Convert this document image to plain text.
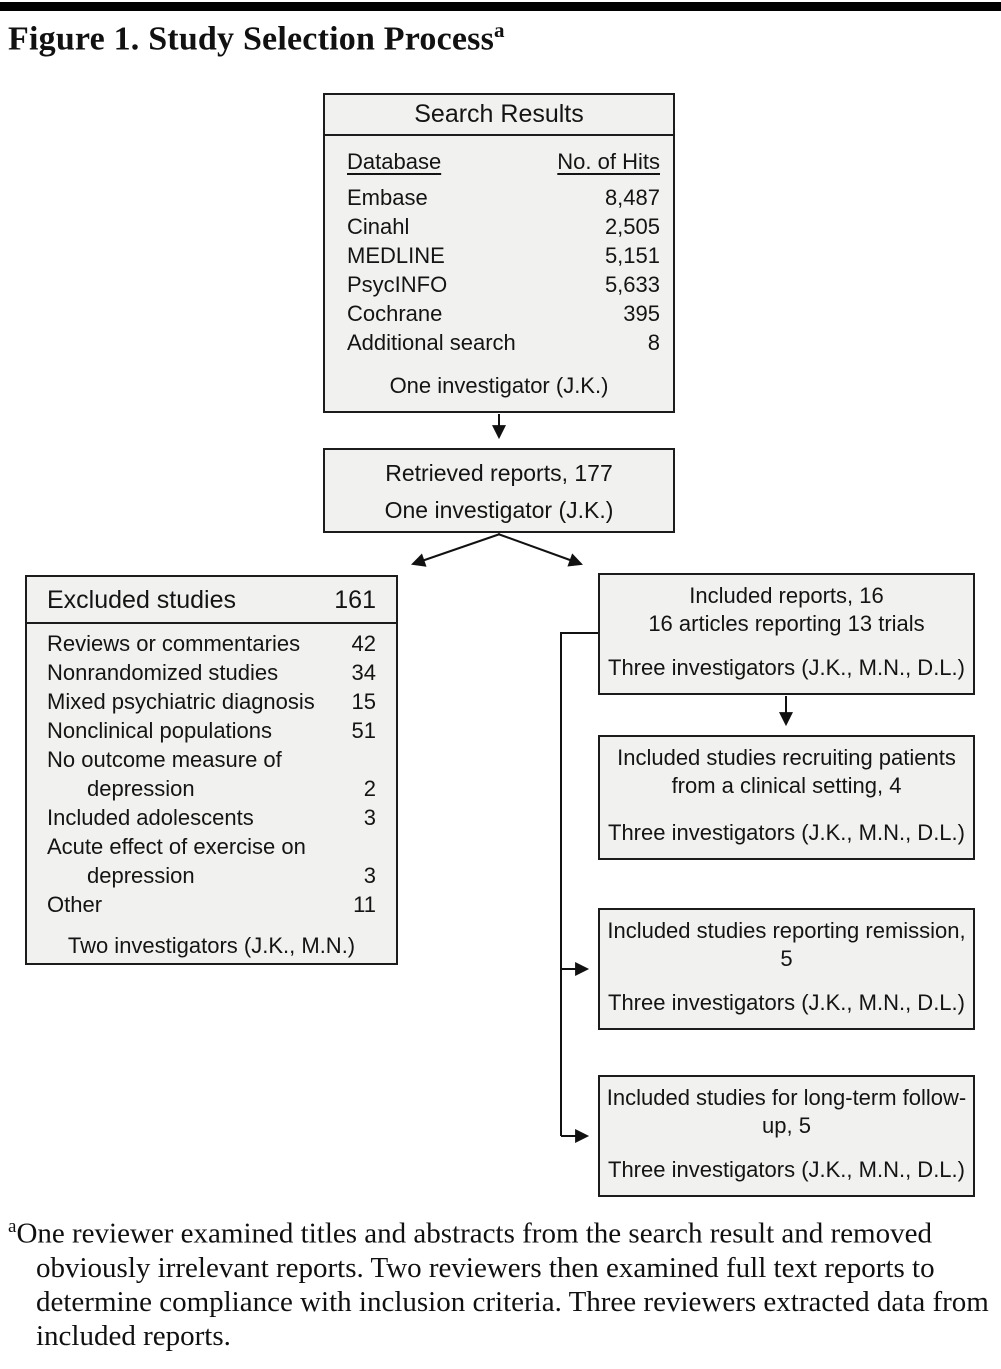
Figure 1. Study Selection Process$^a$
Search Results
Database	No. of Hits
Embase	8,487
Cinahl	2,505
MEDLINE	5,151
PsycINFO	5,633
Cochrane	395
Additional search	8
One investigator (J.K.)
Retrieved reports, 177
One investigator (J.K.)
Excluded studies	161
Reviews or commentaries 42
Nonrandomized studies	34
Mixed psychiatric diagnosis 15
Nonclinical populations	51
No outcome measure of
depression	2
Included adolescents	3
Acute effect of exercise on
depression	3
Other	11
Two investigators (J.K., M.N.)
Included reports, 16
16 articles reporting 13 trials
Three investigators (J.K., M.N., D.L.)
Included studies recruiting patients from a clinical setting, 4
Three investigators (J.K., M.N., D.L.)
Included studies reporting remission, 5
Three investigators (J.K., M.N., D.L.)
Included studies for long-term follow-up, 5
Three investigators (J.K., M.N., D.L.)

$^a$One reviewer examined titles and abstracts from the search result and removed obviously irrelevant reports. Two reviewers then examined full text reports to determine compliance with inclusion criteria. Three reviewers extracted data from included reports.
